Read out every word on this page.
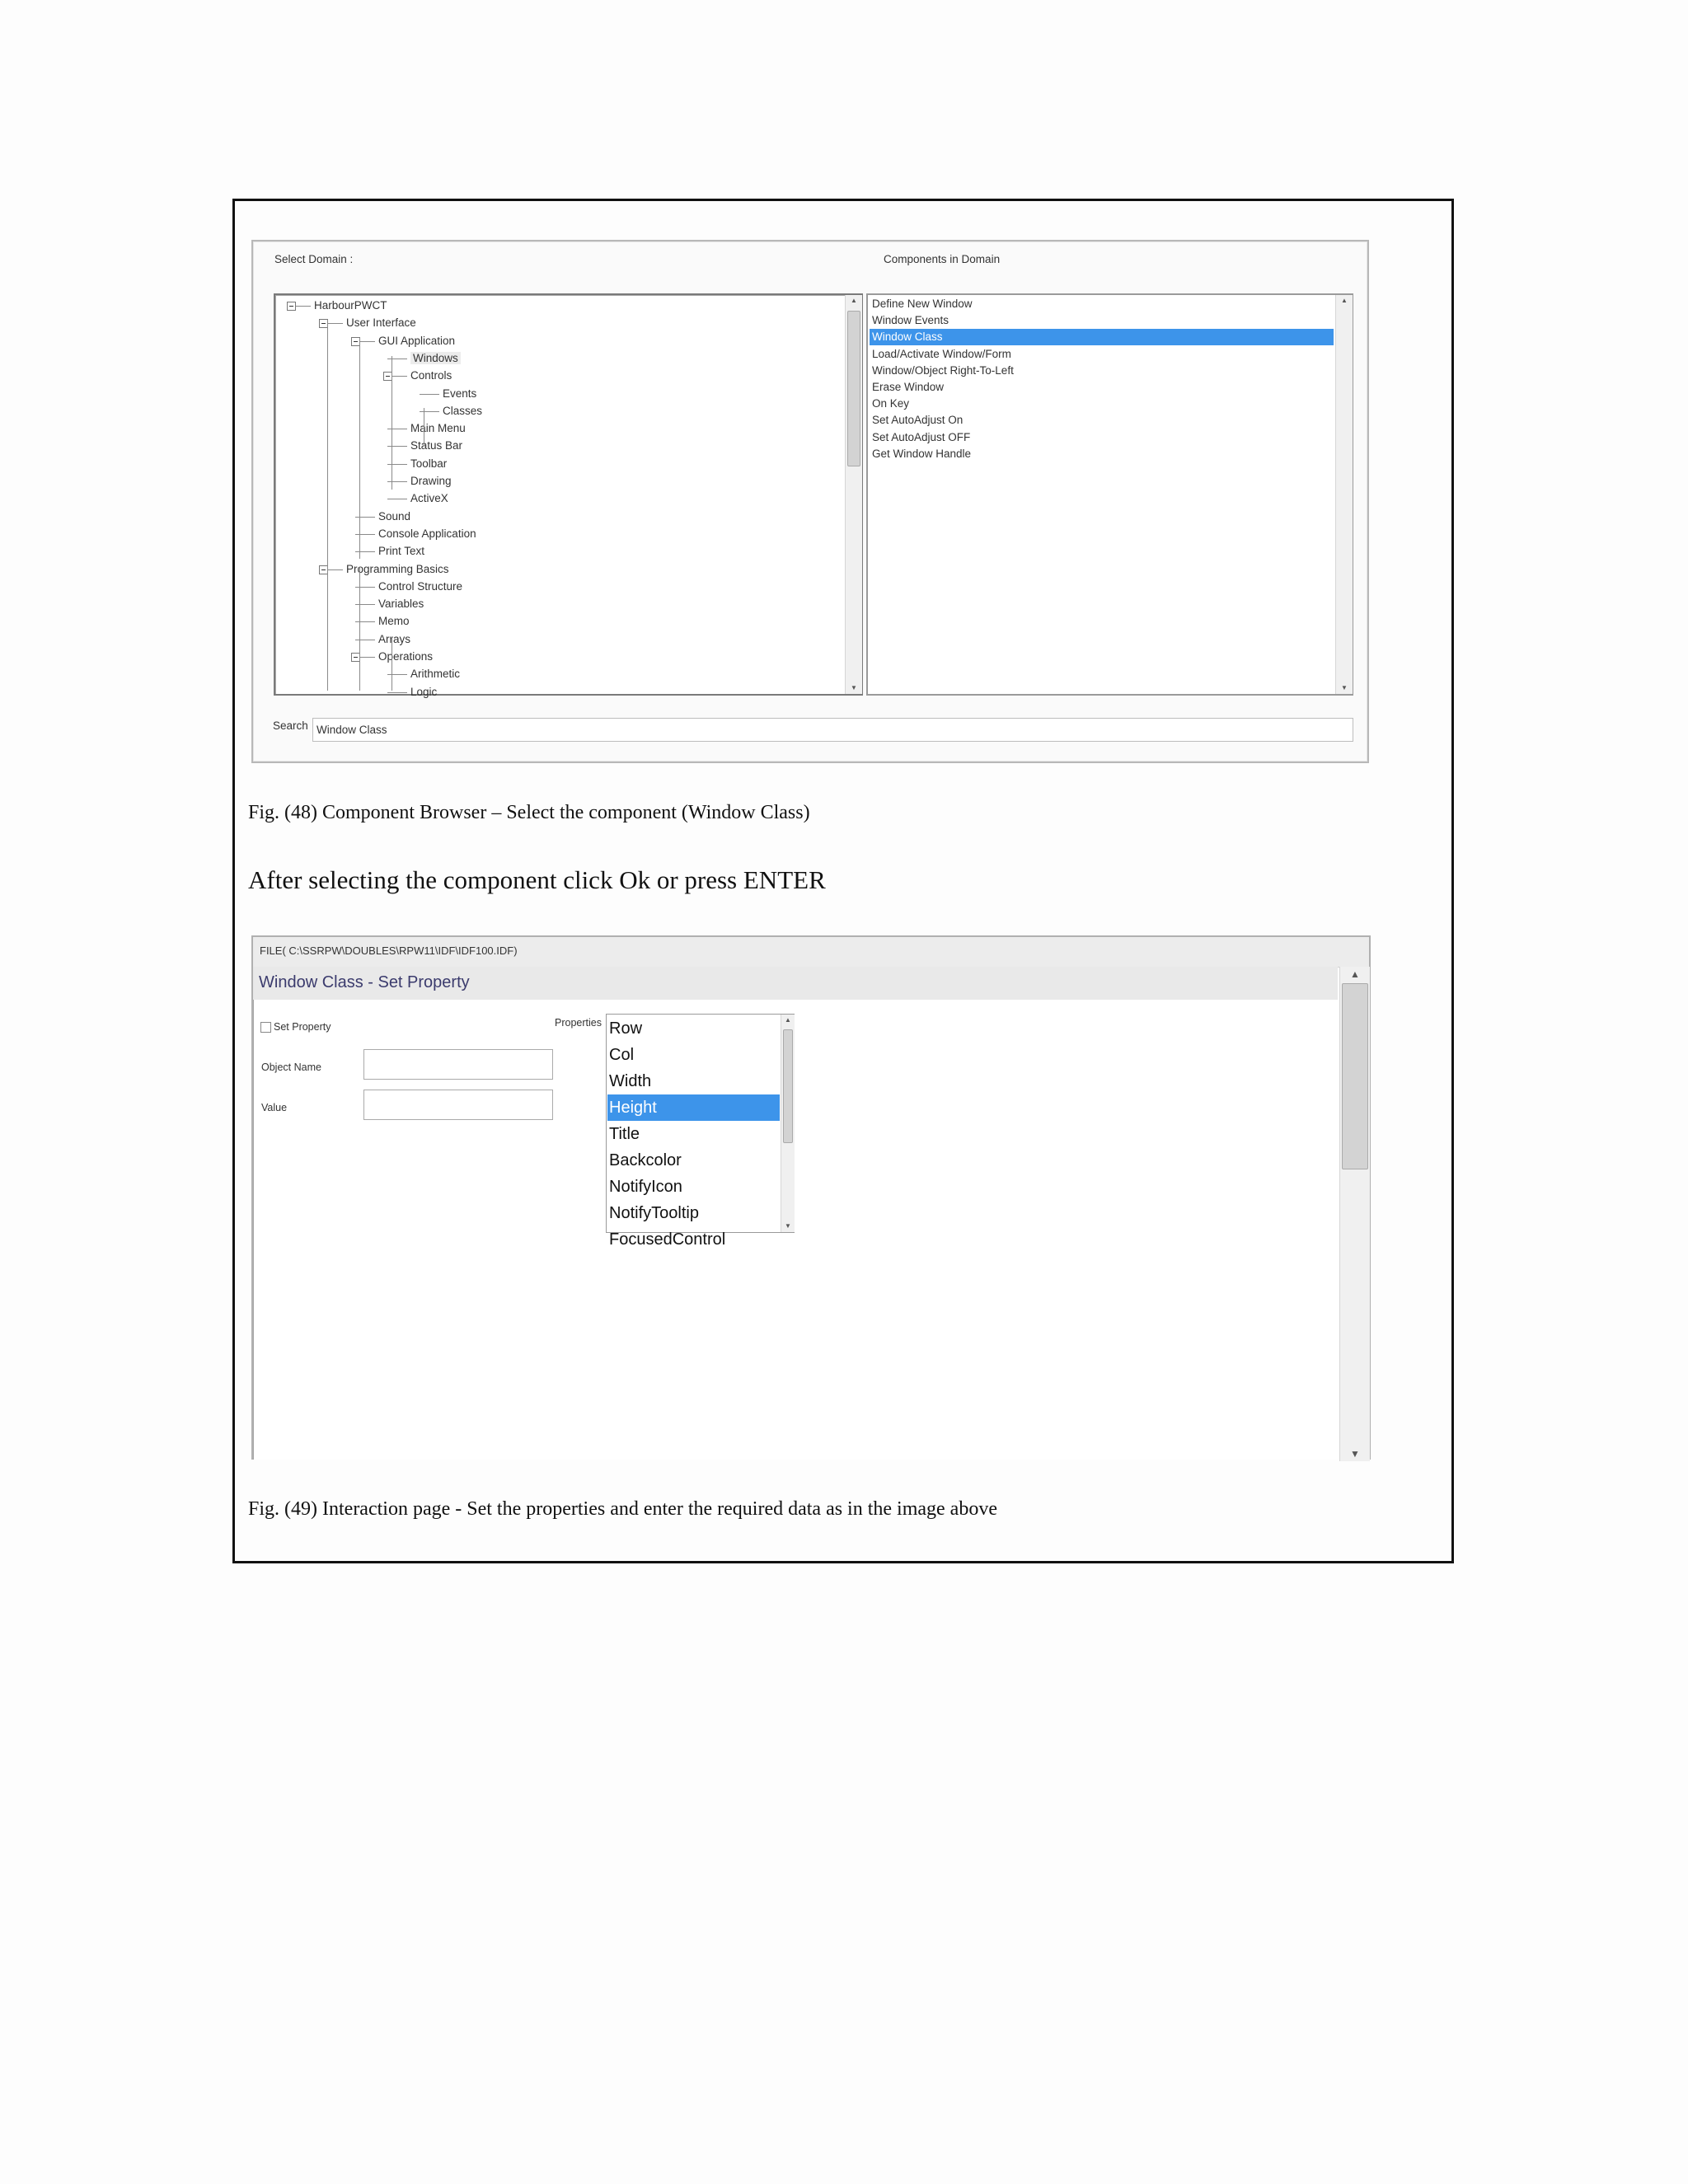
Select Domain :	Components in Domain
▲
▼
HarbourPWCT
User Interface
GUI Application
Windows
Controls
Events
Classes
Main Menu
Status Bar
Toolbar
Drawing
ActiveX
Sound
Console Application
Print Text
Programming Basics
Control Structure
Variables
Memo
Arrays
Operations
Arithmetic
Logic
▲
▼
Define New Window
Window Events
Window Class
Load/Activate Window/Form
Window/Object Right-To-Left
Erase Window
On Key
Set AutoAdjust On
Set AutoAdjust OFF
Get Window Handle
Search
Window Class
Fig. (48) Component Browser – Select the component (Window Class)
After selecting the component click Ok or press ENTER
FILE( C:\SSRPW\DOUBLES\RPW11\IDF\IDF100.IDF)
Window Class - Set Property
Set Property	Properties
Object Name
Value
▲
▼
Row
Col
Width
Height
Title
Backcolor
NotifyIcon
NotifyTooltip
FocusedControl
▲
▼
Fig. (49) Interaction page - Set the properties and enter the required data as in the image above
